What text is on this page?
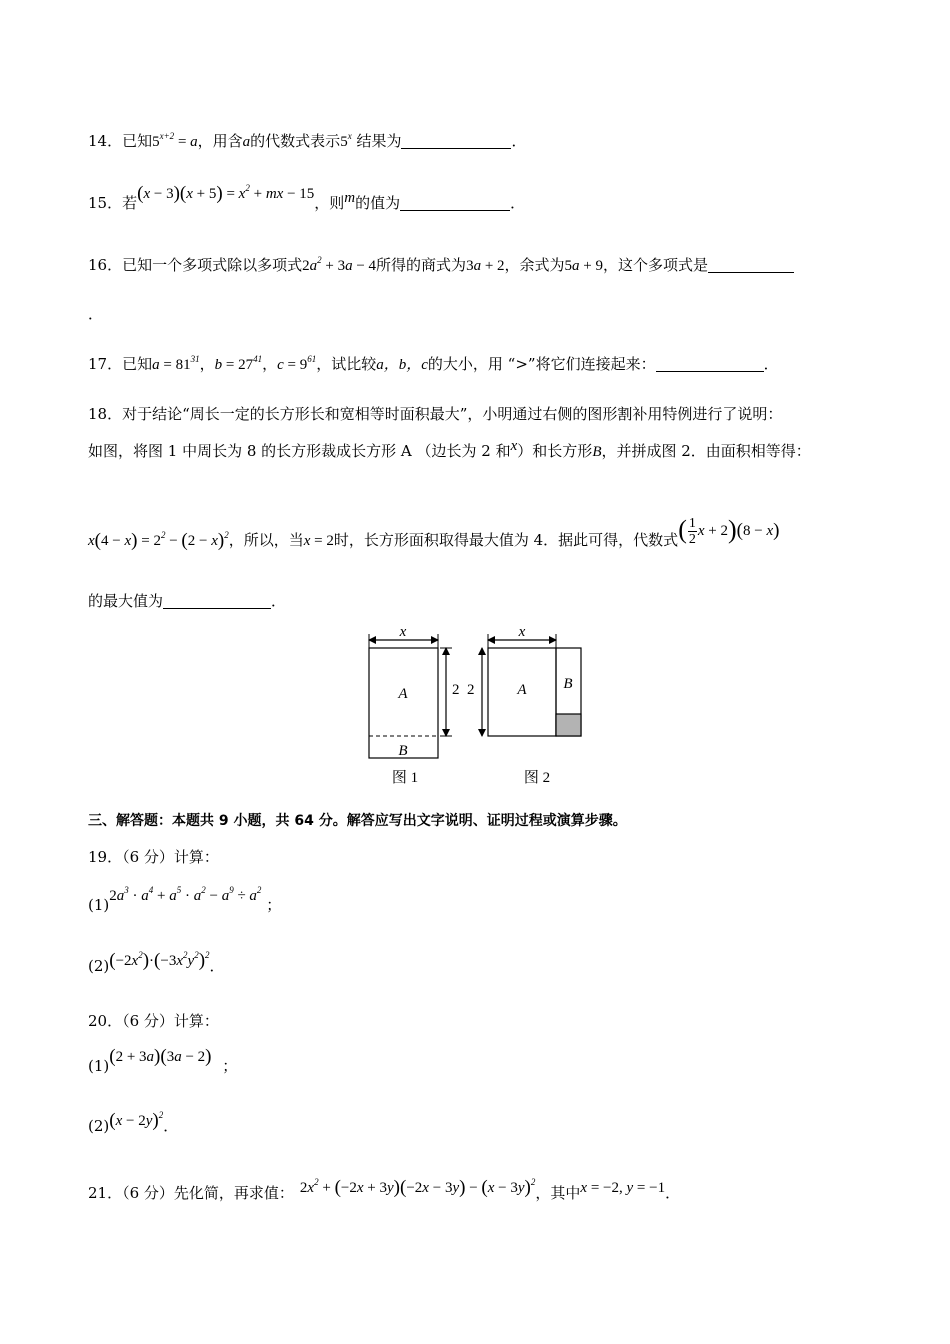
14．已知$5^{x+2} = a$，用含a的代数式表示5$^x$ 结果为	．
15．若$(x - 3)(x + 5) = x^2$ + mx − 15，则m的值为	．
16．已知一个多项式除以多项式$2a^2 + 3a - 4$所得的商式为3a + 2，余式为5a + 9，这个多项式是
．
17．已知$a = 81^{31}$，$b = 27^{41}$，$c = 9^{61}$，试比较a，b，c的大小，用 “>”将它们连接起来：	．
18．对于结论“周长一定的长方形长和宽相等时面积最大”，小明通过右侧的图形割补用特例进行了说明：
如图，将图 1 中周长为 8 的长方形裁成长方形 A （边长为 2 和x）和长方形B，并拼成图 2．由面积相等得：
$x(4 - x) = 2^2 - (2 - x)^2$，所以，当x = 2时，长方形面积取得最大值为 4．据此可得，代数式( $\frac{1}{2}$ x + 2)(8 − x)
的最大值为	．
x
A
B
2
x
2	A B
图 1	图 2
三、解答题：本题共 9 小题，共 64 分。解答应写出文字说明、证明过程或演算步骤。
19．（6 分）计算：
$(1)2a^3 \cdot a^4 + a^5 \cdot a^2 - a^9 \div a^2$ ；
$(2)(-2x^2)\cdot(-3x^2y^2)^2$．
20．（6 分）计算：
(1)(2 + 3a)(3a − 2) ；
$(2)(x - 2y)^2$．
21．（6 分）先化简，再求值： $2x^2 + (-2x + 3y)(-2x - 3y) - (x - 3y)^2$，其中x = −2, y = −1．
